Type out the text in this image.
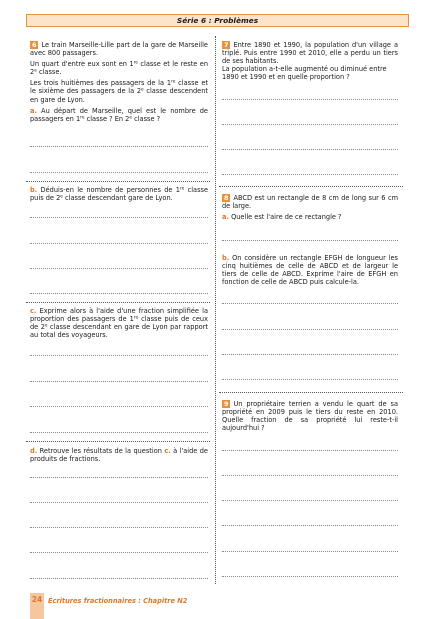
Série 6 : Problèmes

6 Le train Marseille-Lille part de la gare de Marseille avec 800 passagers.

Un quart d'entre eux sont en 1re classe et le reste en 2e classe.

Les trois huitièmes des passagers de la 1re classe et le sixième des passagers de la 2e classe descendent en gare de Lyon.

a. Au départ de Marseille, quel est le nombre de passagers en 1re classe ? En 2e classe ?

b. Déduis-en le nombre de personnes de 1re classe puis de 2e classe descendant gare de Lyon.

c. Exprime alors à l'aide d'une fraction simplifiée la proportion des passagers de 1re classe puis de ceux de 2e classe descendant en gare de Lyon par rapport au total des voyageurs.

d. Retrouve les résultats de la question c. à l'aide de produits de fractions.

7 Entre 1890 et 1990, la population d'un village a triplé. Puis entre 1990 et 2010, elle a perdu un tiers de ses habitants.

La population a-t-elle augmenté ou diminué entre 1890 et 1990 et en quelle proportion ?

8 ABCD est un rectangle de 8 cm de long sur 6 cm de large.

a. Quelle est l'aire de ce rectangle ?

b. On considère un rectangle EFGH de longueur les cinq huitièmes de celle de ABCD et de largeur le tiers de celle de ABCD. Exprime l'aire de EFGH en fonction de celle de ABCD puis calcule-la.

9 Un propriétaire terrien a vendu le quart de sa propriété en 2009 puis le tiers du reste en 2010. Quelle fraction de sa propriété lui reste-t-il aujourd'hui ?

24 Écritures fractionnaires : Chapitre N2
